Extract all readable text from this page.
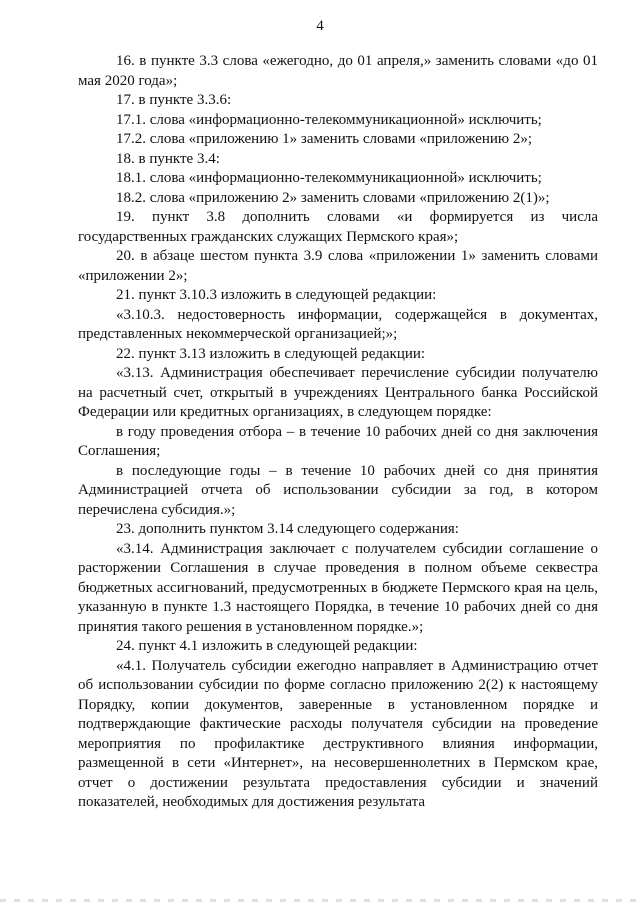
4

16. в пункте 3.3 слова «ежегодно, до 01 апреля,» заменить словами «до 01 мая 2020 года»;

17. в пункте 3.3.6:

17.1. слова «информационно-телекоммуникационной» исключить;

17.2. слова «приложению 1» заменить словами «приложению 2»;

18. в пункте 3.4:

18.1. слова «информационно-телекоммуникационной» исключить;

18.2. слова «приложению 2» заменить словами «приложению 2(1)»;

19. пункт 3.8 дополнить словами «и формируется из числа государственных гражданских служащих Пермского края»;

20. в абзаце шестом пункта 3.9 слова «приложении 1» заменить словами «приложении 2»;

21. пункт 3.10.3 изложить в следующей редакции:

«3.10.3. недостоверность информации, содержащейся в документах, представленных некоммерческой организацией;»;

22. пункт 3.13 изложить в следующей редакции:

«3.13. Администрация обеспечивает перечисление субсидии получателю на расчетный счет, открытый в учреждениях Центрального банка Российской Федерации или кредитных организациях, в следующем порядке:

в году проведения отбора – в течение 10 рабочих дней со дня заключения Соглашения;

в последующие годы – в течение 10 рабочих дней со дня принятия Администрацией отчета об использовании субсидии за год, в котором перечислена субсидия.»;

23. дополнить пунктом 3.14 следующего содержания:

«3.14. Администрация заключает с получателем субсидии соглашение о расторжении Соглашения в случае проведения в полном объеме секвестра бюджетных ассигнований, предусмотренных в бюджете Пермского края на цель, указанную в пункте 1.3 настоящего Порядка, в течение 10 рабочих дней со дня принятия такого решения в установленном порядке.»;

24. пункт 4.1 изложить в следующей редакции:

«4.1. Получатель субсидии ежегодно направляет в Администрацию отчет об использовании субсидии по форме согласно приложению 2(2) к настоящему Порядку, копии документов, заверенные в установленном порядке и подтверждающие фактические расходы получателя субсидии на проведение мероприятия по профилактике деструктивного влияния информации, размещенной в сети «Интернет», на несовершеннолетних в Пермском крае, отчет о достижении результата предоставления субсидии и значений показателей, необходимых для достижения результата
